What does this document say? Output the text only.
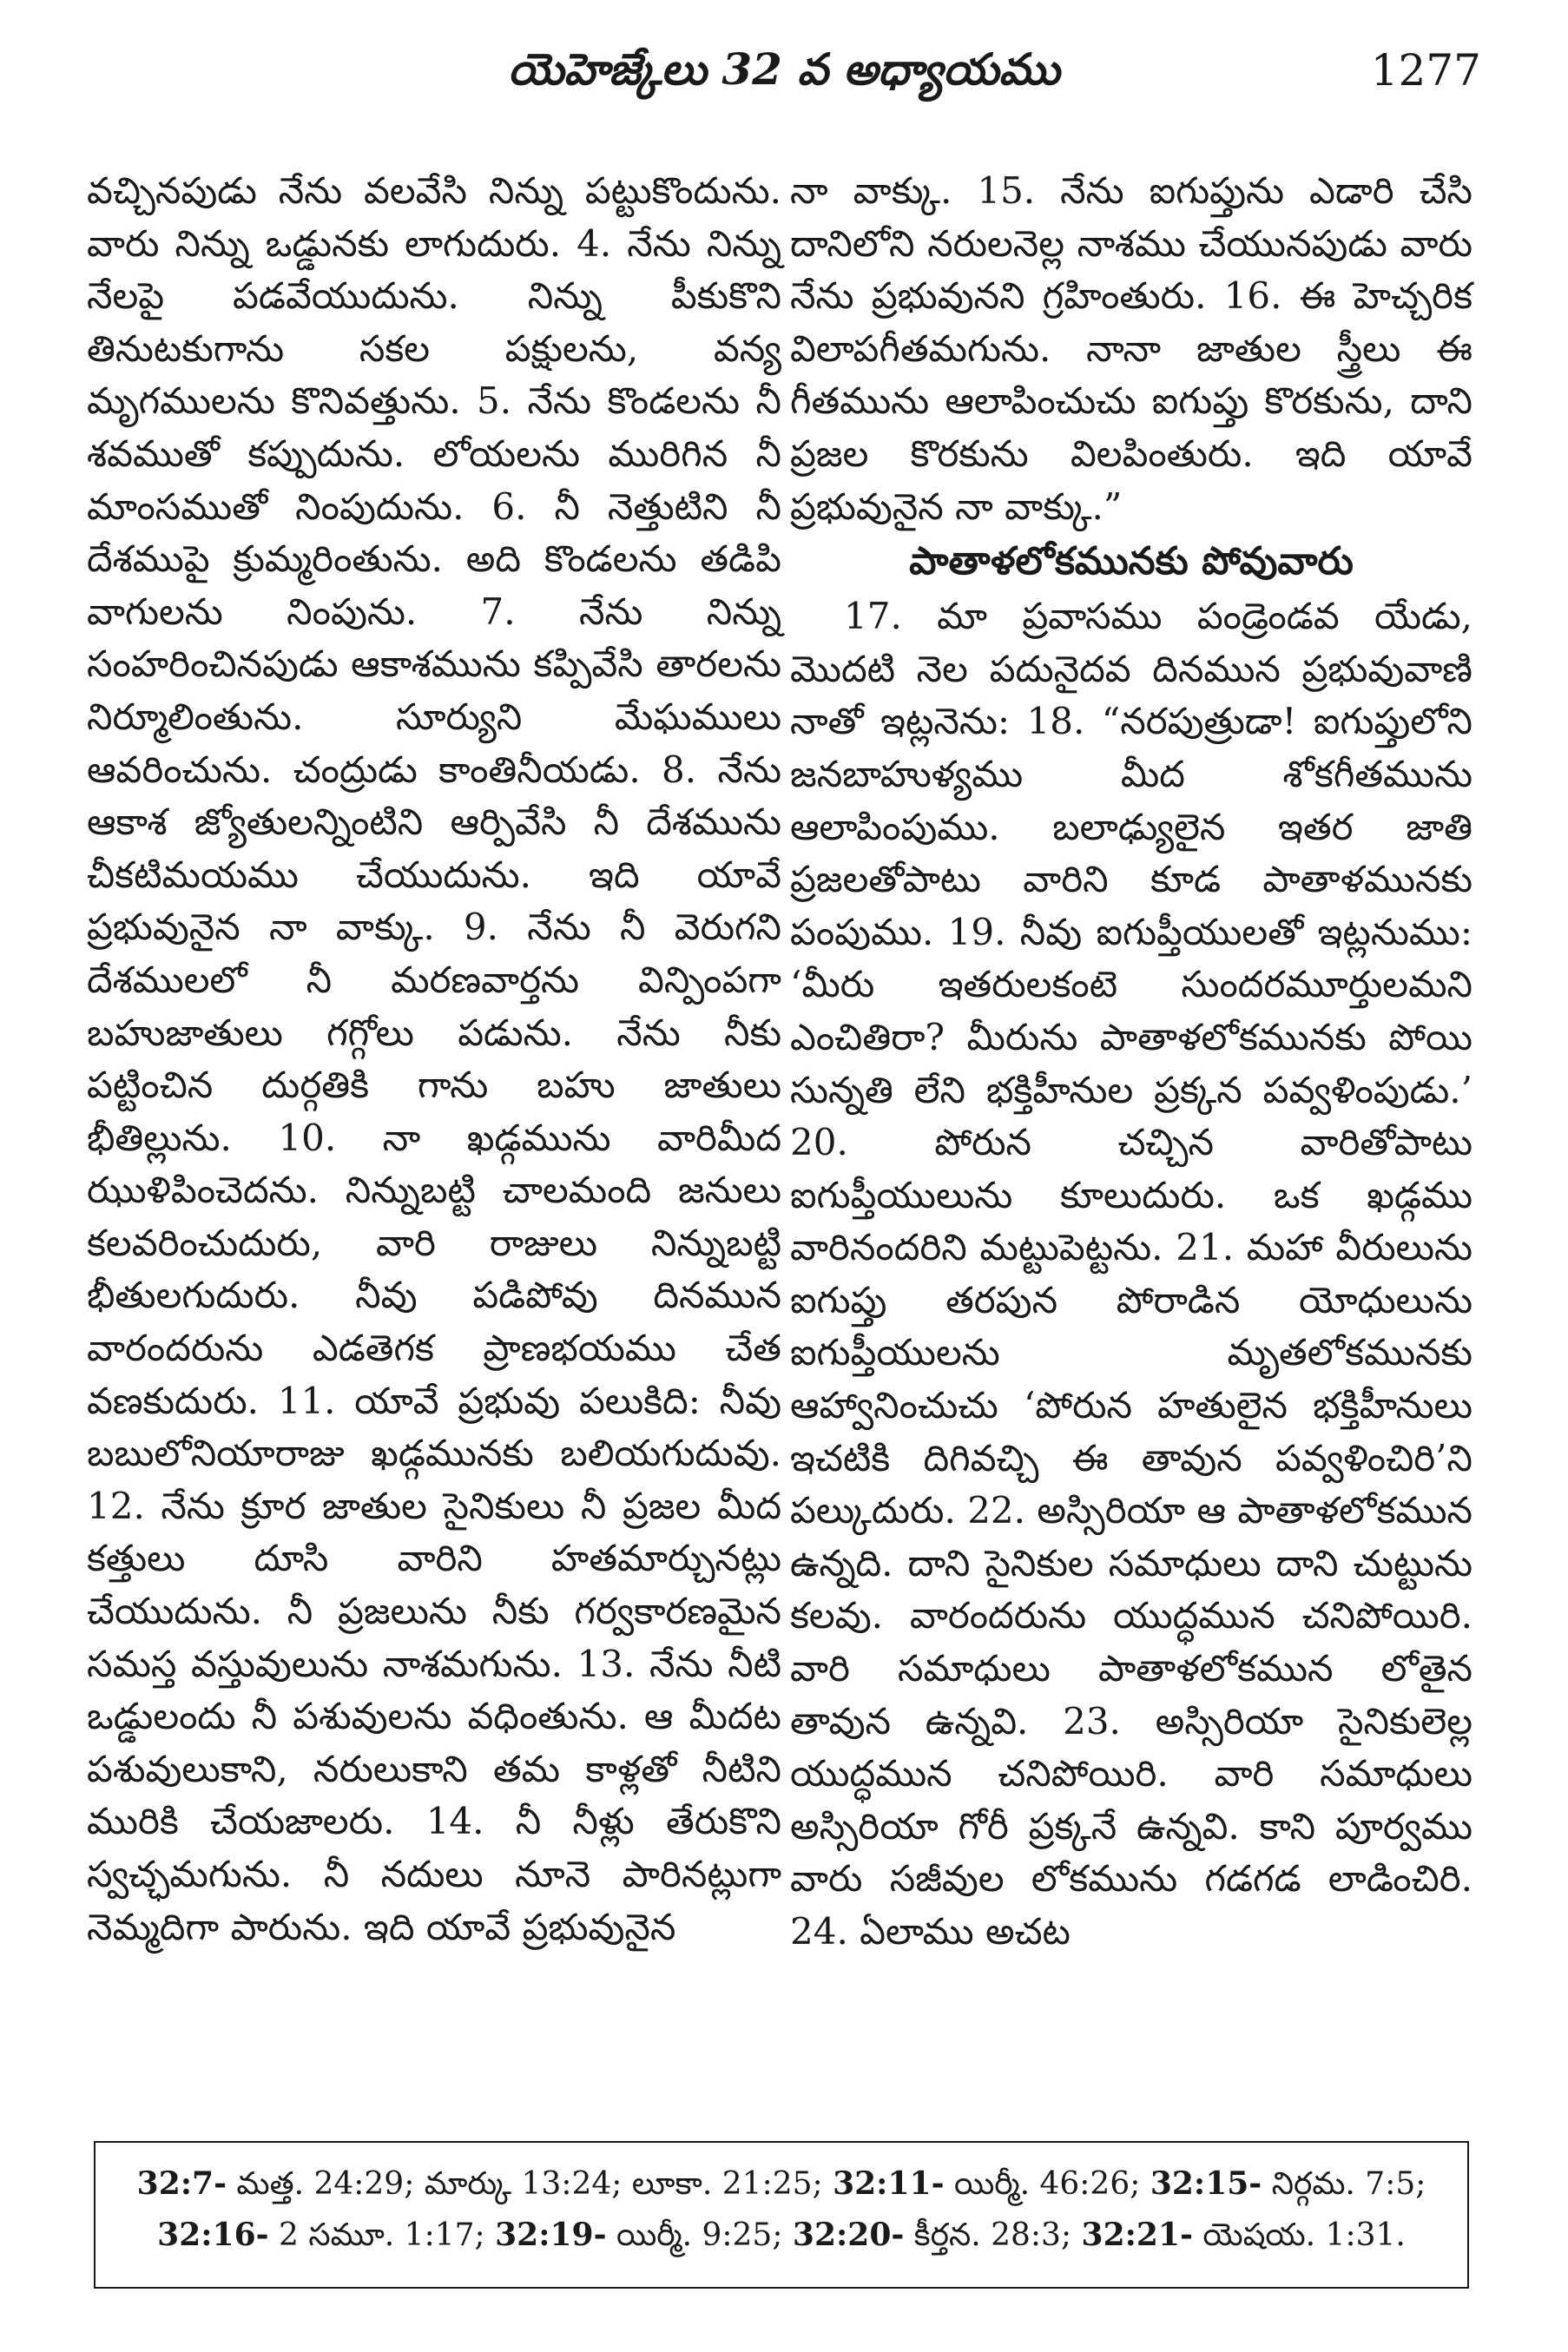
యెహెజ్కేలు 32 వ అధ్యాయము	1277

వచ్చినపుడు నేను వలవేసి నిన్ను పట్టుకొందును. వారు నిన్ను ఒడ్డునకు లాగుదురు. 4. నేను నిన్ను నేలపై పడవేయుదును. నిన్ను పీకుకొని తినుటకుగాను సకల పక్షులను, వన్య మృగములను కొనివత్తును. 5. నేను కొండలను నీ శవముతో కప్పుదును. లోయలను మురిగిన నీ మాంసముతో నింపుదును. 6. నీ నెత్తుటిని నీ దేశముపై క్రుమ్మరింతును. అది కొండలను తడిపి వాగులను నింపును. 7. నేను నిన్ను సంహరించినపుడు ఆకాశమును కప్పివేసి తారలను నిర్మూలింతును. సూర్యుని మేఘములు ఆవరించును. చంద్రుడు కాంతినీయడు. 8. నేను ఆకాశ జ్యోతులన్నింటిని ఆర్పివేసి నీ దేశమును చీకటిమయము చేయుదును. ఇది యావే ప్రభువునైన నా వాక్కు. 9. నేను నీ వెరుగని దేశములలో నీ మరణవార్తను విన్పింపగా బహుజాతులు గగ్గోలు పడును. నేను నీకు పట్టించిన దుర్గతికి గాను బహు జాతులు భీతిల్లును. 10. నా ఖడ్గమును వారిమీద ఝుళిపించెదను. నిన్నుబట్టి చాలమంది జనులు కలవరించుదురు, వారి రాజులు నిన్నుబట్టి భీతులగుదురు. నీవు పడిపోవు దినమున వారందరును ఎడతెగక ప్రాణభయము చేత వణకుదురు. 11. యావే ప్రభువు పలుకిది: నీవు బబులోనియారాజు ఖడ్గమునకు బలియగుదువు. 12. నేను క్రూర జాతుల సైనికులు నీ ప్రజల మీద కత్తులు దూసి వారిని హతమార్చునట్లు చేయుదును. నీ ప్రజలును నీకు గర్వకారణమైన సమస్త వస్తువులును నాశమగును. 13. నేను నీటి ఒడ్డులందు నీ పశువులను వధింతును. ఆ మీదట పశువులుకాని, నరులుకాని తమ కాళ్లతో నీటిని మురికి చేయజాలరు. 14. నీ నీళ్లు తేరుకొని స్వచ్ఛమగును. నీ నదులు నూనె పారినట్లుగా నెమ్మదిగా పారును. ఇది యావే ప్రభువునైన

నా వాక్కు. 15. నేను ఐగుప్తును ఎడారి చేసి దానిలోని నరులనెల్ల నాశము చేయునపుడు వారు నేను ప్రభువునని గ్రహింతురు. 16. ఈ హెచ్చరిక విలాపగీతమగును. నానా జాతుల స్త్రీలు ఈ గీతమును ఆలాపించుచు ఐగుప్తు కొరకును, దాని ప్రజల కొరకును విలపింతురు. ఇది యావే ప్రభువునైన నా వాక్కు.”

పాతాళలోకమునకు పోవువారు

17. మా ప్రవాసము పండ్రెండవ యేడు, మొదటి నెల పదునైదవ దినమున ప్రభువువాణి నాతో ఇట్లనెను: 18. “నరపుత్రుడా! ఐగుప్తులోని జనబాహుళ్యము మీద శోకగీతమును ఆలాపింపుము. బలాఢ్యులైన ఇతర జాతి ప్రజలతోపాటు వారిని కూడ పాతాళమునకు పంపుము. 19. నీవు ఐగుప్తీయులతో ఇట్లనుము: ‘మీరు ఇతరులకంటె సుందరమూర్తులమని ఎంచితిరా? మీరును పాతాళలోకమునకు పోయి సున్నతి లేని భక్తిహీనుల ప్రక్కన పవ్వళింపుడు.’ 20. పోరున చచ్చిన వారితోపాటు ఐగుప్తీయులును కూలుదురు. ఒక ఖడ్గము వారినందరిని మట్టుపెట్టను. 21. మహా వీరులును ఐగుప్తు తరపున పోరాడిన యోధులును ఐగుప్తీయులను మృతలోకమునకు ఆహ్వానించుచు ‘పోరున హతులైన భక్తిహీనులు ఇచటికి దిగివచ్చి ఈ తావున పవ్వళించిరి’ని పల్కుదురు. 22. అస్సిరియా ఆ పాతాళలోకమున ఉన్నది. దాని సైనికుల సమాధులు దాని చుట్టును కలవు. వారందరును యుద్ధమున చనిపోయిరి. వారి సమాధులు పాతాళలోకమున లోతైన తావున ఉన్నవి. 23. అస్సిరియా సైనికులెల్ల యుద్ధమున చనిపోయిరి. వారి సమాధులు అస్సిరియా గోరీ ప్రక్కనే ఉన్నవి. కాని పూర్వము వారు సజీవుల లోకమును గడగడ లాడించిరి. 24. ఏలాము అచట

32:7- మత్త. 24:29; మార్కు 13:24; లూకా. 21:25; 32:11- యిర్మీ. 46:26; 32:15- నిర్గమ. 7:5;
32:16- 2 సమూ. 1:17; 32:19- యిర్మీ. 9:25; 32:20- కీర్తన. 28:3; 32:21- యెషయ. 1:31.
